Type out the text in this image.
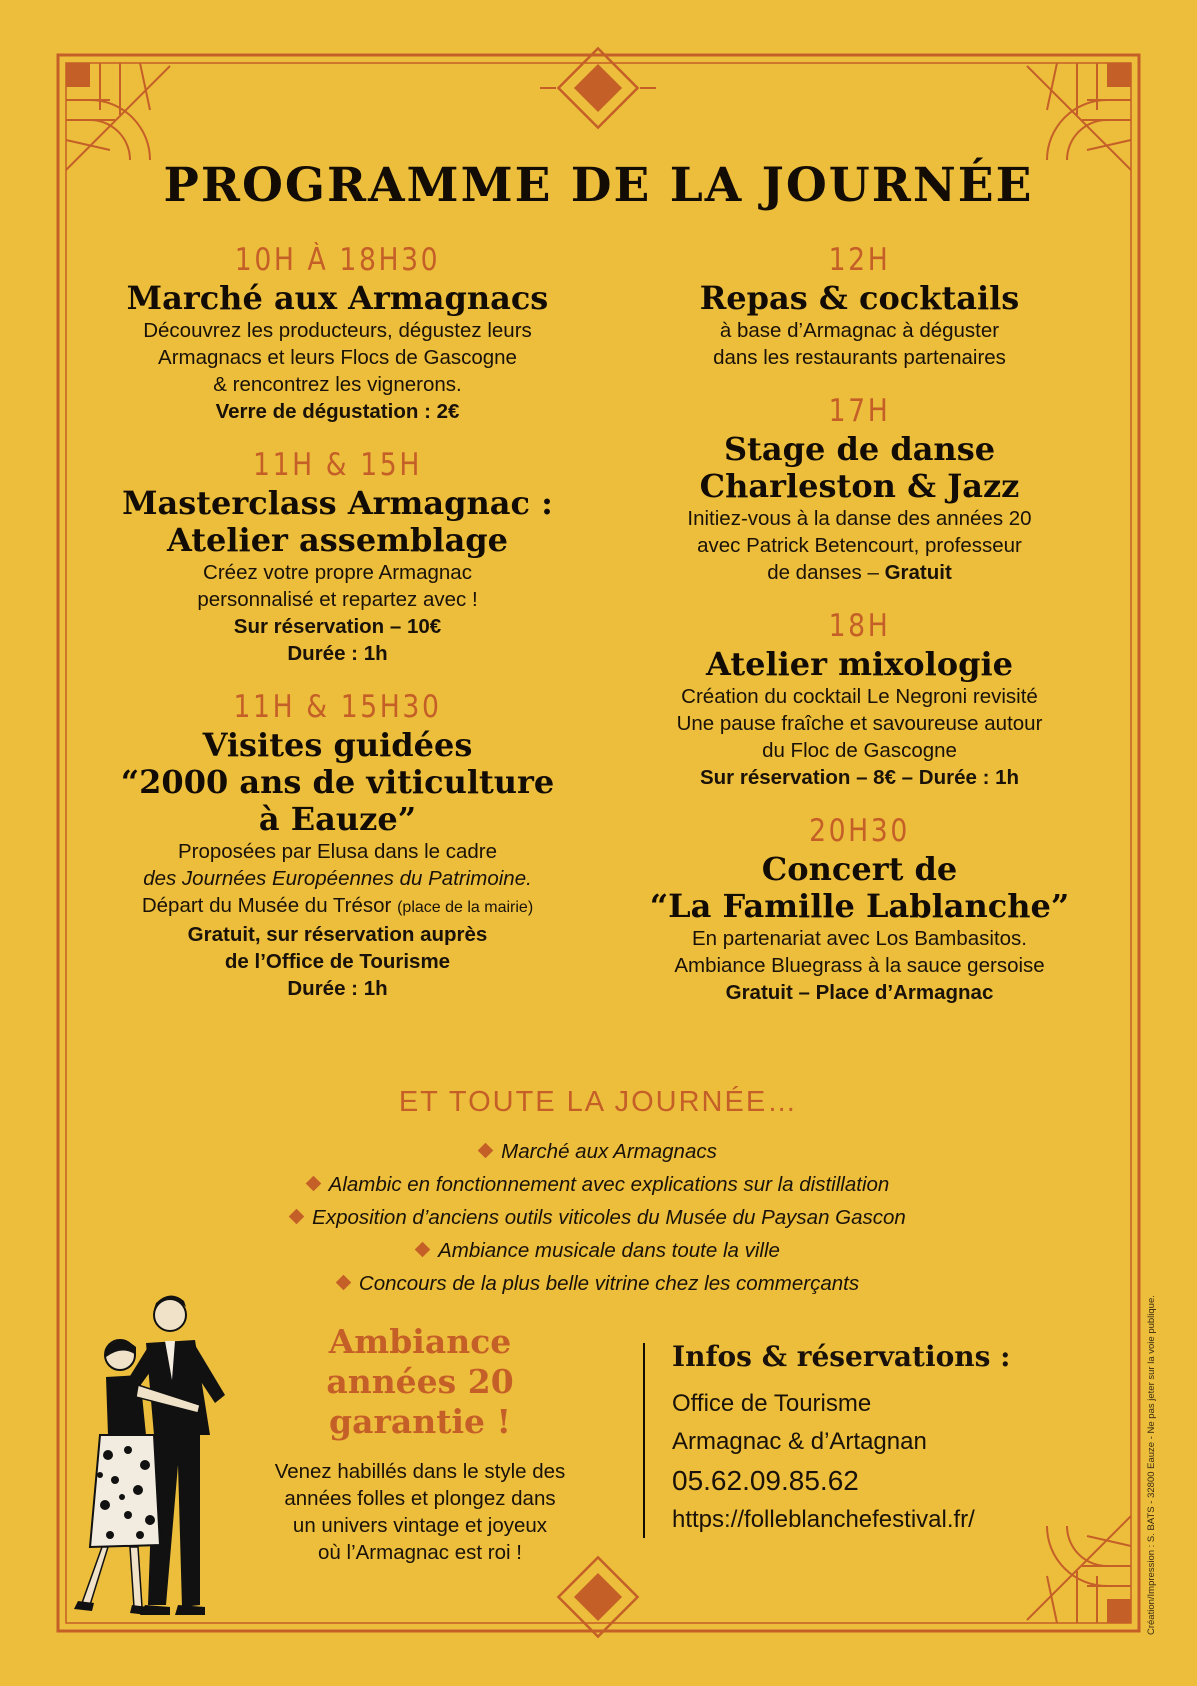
PROGRAMME DE LA JOURNÉE
10H À 18H30
Marché aux Armagnacs
Découvrez les producteurs, dégustez leurs
Armagnacs et leurs Flocs de Gascogne
& rencontrez les vignerons.
Verre de dégustation : 2€
11H & 15H
Masterclass Armagnac :
Atelier assemblage
Créez votre propre Armagnac
personnalisé et repartez avec !
Sur réservation – 10€
Durée : 1h
11H & 15H30
Visites guidées
“2000 ans de viticulture
à Eauze”
Proposées par Elusa dans le cadre
des Journées Européennes du Patrimoine.
Départ du Musée du Trésor (place de la mairie)
Gratuit, sur réservation auprès
de l’Office de Tourisme
Durée : 1h
12H
Repas & cocktails
à base d’Armagnac à déguster
dans les restaurants partenaires
17H
Stage de danse
Charleston & Jazz
Initiez-vous à la danse des années 20
avec Patrick Betencourt, professeur
de danses – Gratuit
18H
Atelier mixologie
Création du cocktail Le Negroni revisité
Une pause fraîche et savoureuse autour
du Floc de Gascogne
Sur réservation – 8€ – Durée : 1h
20H30
Concert de
“La Famille Lablanche”
En partenariat avec Los Bambasitos.
Ambiance Bluegrass à la sauce gersoise
Gratuit – Place d’Armagnac
ET TOUTE LA JOURNÉE…
Marché aux Armagnacs
Alambic en fonctionnement avec explications sur la distillation
Exposition d’anciens outils viticoles du Musée du Paysan Gascon
Ambiance musicale dans toute la ville
Concours de la plus belle vitrine chez les commerçants
Ambiance
années 20
garantie !
Venez habillés dans le style des
années folles et plongez dans
un univers vintage et joyeux
où l’Armagnac est roi !
Infos & réservations :
Office de Tourisme
Armagnac & d’Artagnan
05.62.09.85.62
https://folleblanchefestival.fr/	Création/Impression : S. BATS - 32800 Eauze - Ne pas jeter sur la voie publique.
